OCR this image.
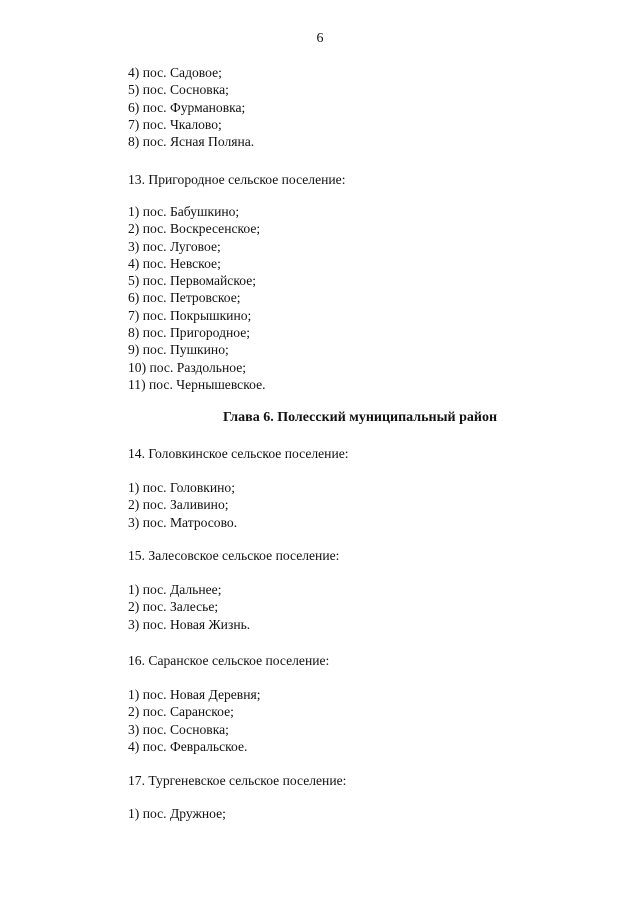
6
4) пос. Садовое;
5) пос. Сосновка;
6) пос. Фурмановка;
7) пос. Чкалово;
8) пос. Ясная Поляна.
13. Пригородное сельское поселение:
1) пос. Бабушкино;
2) пос. Воскресенское;
3) пос. Луговое;
4) пос. Невское;
5) пос. Первомайское;
6) пос. Петровское;
7) пос. Покрышкино;
8) пос. Пригородное;
9) пос. Пушкино;
10) пос. Раздольное;
11) пос. Чернышевское.
Глава 6. Полесский муниципальный район
14. Головкинское сельское поселение:
1) пос. Головкино;
2) пос. Заливино;
3) пос. Матросово.
15. Залесовское сельское поселение:
1) пос. Дальнее;
2) пос. Залесье;
3) пос. Новая Жизнь.
16. Саранское сельское поселение:
1) пос. Новая Деревня;
2) пос. Саранское;
3) пос. Сосновка;
4) пос. Февральское.
17. Тургеневское сельское поселение:
1) пос. Дружное;
